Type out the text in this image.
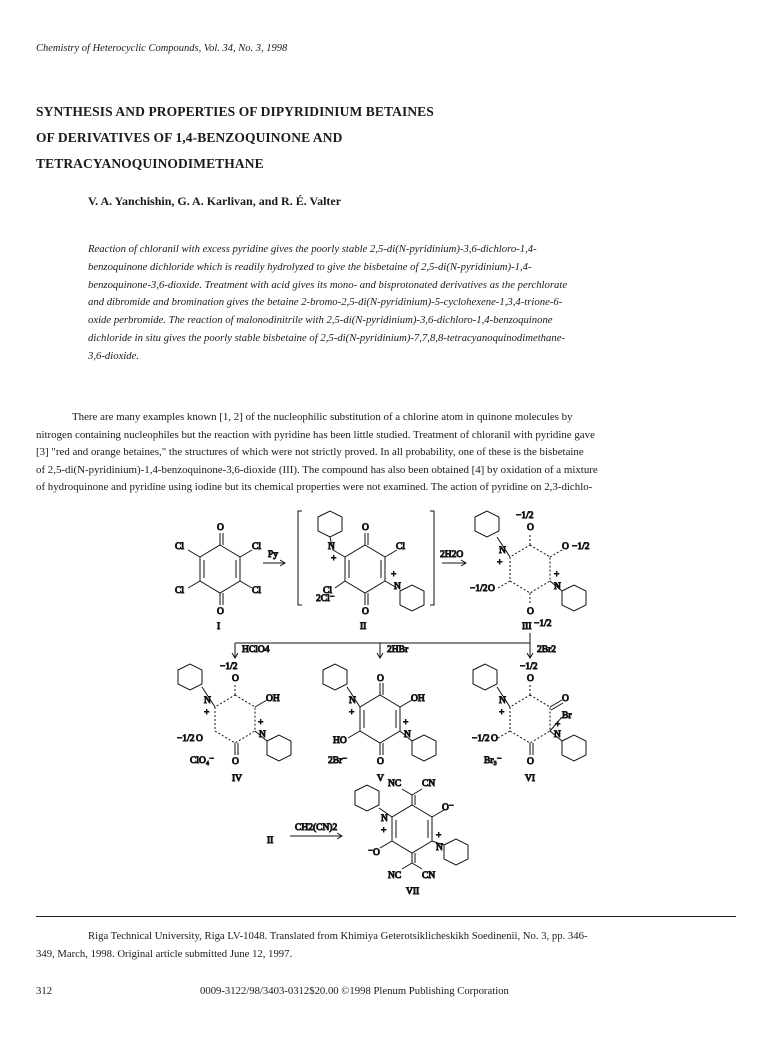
Chemistry of Heterocyclic Compounds, Vol. 34, No. 3, 1998
SYNTHESIS AND PROPERTIES OF DIPYRIDINIUM BETAINES
OF DERIVATIVES OF 1,4-BENZOQUINONE AND
TETRACYANOQUINODIMETHANE
V. A. Yanchishin, G. A. Karlivan, and R. É. Valter
Reaction of chloranil with excess pyridine gives the poorly stable 2,5-di(N-pyridinium)-3,6-dichloro-1,4-
benzoquinone dichloride which is readily hydrolyzed to give the bisbetaine of 2,5-di(N-pyridinium)-1,4-
benzoquinone-3,6-dioxide. Treatment with acid gives its mono- and bisprotonated derivatives as the perchlorate
and dibromide and bromination gives the betaine 2-bromo-2,5-di(N-pyridinium)-5-cyclohexene-1,3,4-trione-6-
oxide perbromide. The reaction of malonodinitrile with 2,5-di(N-pyridinium)-3,6-dichloro-1,4-benzoquinone
dichloride in situ gives the poorly stable bisbetaine of 2,5-di(N-pyridinium)-7,7,8,8-tetracyanoquinodimethane-
3,6-dioxide.
There are many examples known [1, 2] of the nucleophilic substitution of a chlorine atom in quinone molecules by
nitrogen containing nucleophiles but the reaction with pyridine has been little studied. Treatment of chloranil with pyridine gave
[3] "red and orange betaines," the structures of which were not strictly proved. In all probability, one of these is the bisbetaine
of 2,5-di(N-pyridinium)-1,4-benzoquinone-3,6-dioxide (III). The compound has also been obtained [4] by oxidation of a mixture
of hydroquinone and pyridine using iodine but its chemical properties were not examined. The action of pyridine on 2,3-dichlo-
O
O
Cl	Cl
Cl	Cl
I
Py
O
O
N
+
Cl
Cl	N
+
2Cl⁻
II
2H2O
−1/2
O
O −1/2
N
+
−1/2 O	N
+
O
−1/2
III
HClO4	2HBr	2Br2
−1/2
O
OH
N
+
−1/2 O	N
+
O
ClO₄⁻
IV
O
OH
N
+
HO
N
+
O
2Br⁻
V
−1/2
O
O
Br
N
+
−1/2 O	N
+
O
Br₃⁻
VI
II
CH2(CN)2
NC CN
O⁻
N
+
⁻O	N
+
NC CN
VII
Riga Technical University, Riga LV-1048. Translated from Khimiya Geterotsiklicheskikh Soedinenii, No. 3, pp. 346-
349, March, 1998. Original article submitted June 12, 1997.
312	0009-3122/98/3403-0312$20.00 ©1998 Plenum Publishing Corporation
